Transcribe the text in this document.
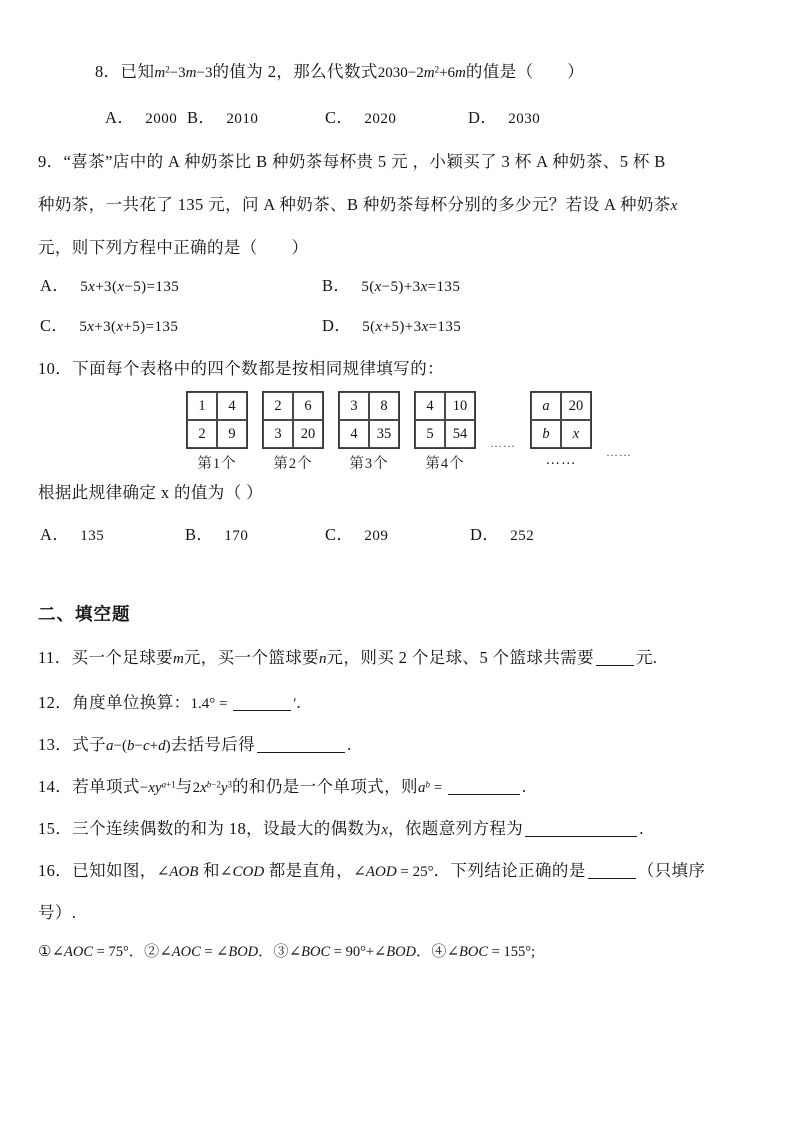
8．已知$m^2-3m-3$的值为 2，那么代数式$2030-2m^2+6m$的值是（　　）
A． 2000 B． 2010	C． 2020	D． 2030
9．“喜茶”店中的 A 种奶茶比 B 种奶茶每杯贵 5 元 ，小颖买了 3 杯 A 种奶茶、5 杯 B
种奶茶，一共花了 135 元，问 A 种奶茶、B 种奶茶每杯分别的多少元？若设 A 种奶茶x
元，则下列方程中正确的是（　　）
A． 5x+3(x−5)=135	B． 5(x−5)+3x=135
C． 5x+3(x+5)=135	D． 5(x+5)+3x=135
10．下面每个表格中的四个数都是按相同规律填写的：
1	4
2	9
第1个
2	6
3	20
第2个
3	8
4	35
第3个
4	10
5	54
第4个
……
a	20
b x
…… ……
根据此规律确定 x 的值为（ ）
A． 135	B． 170	C． 209	D． 252
二、填空题
11．买一个足球要m元，买一个篮球要n元，则买 2 个足球、5 个篮球共需要	元.
12．角度单位换算：1.4° =	′.
13．式子a−(b−c+d)去括号后得	.
14．若单项式$-xy^{a+1}$与$2x^{b-2}y^3$的和仍是一个单项式，则$a^b$ =	.
15．三个连续偶数的和为 18，设最大的偶数为x，依题意列方程为	.
16．已知如图，∠AOB 和∠COD 都是直角，∠AOD = 25°．下列结论正确的是	（只填序
号）.
①∠AOC = 75°．②∠AOC = ∠BOD．③∠BOC = 90°+∠BOD．④∠BOC = 155°;
